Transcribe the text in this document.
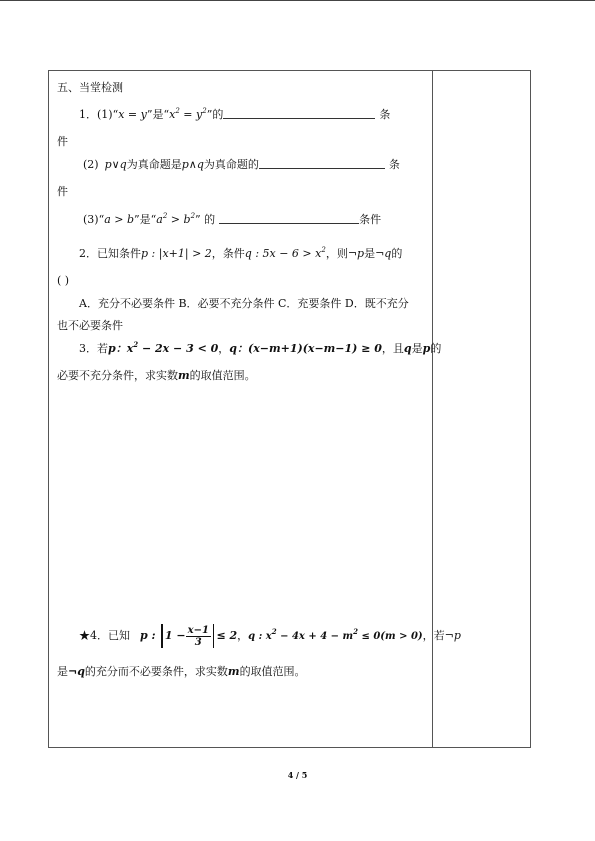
五、当堂检测
1．(1)“x = y”是“$x^2 = y^2$”的	条
件
(2) p∨q为真命题是p∧q为真命题的	条
件
(3)“a > b”是“$a^2 > b^2$” 的	条件
2．已知条件p : |x+1| > 2，条件q : $5x - 6 > x^2$，则¬p是¬q的
( )
A．充分不必要条件 B．必要不充分条件 C．充要条件 D．既不充分
也不必要条件
3．若p：$x^2 - 2x - 3 < 0$，q：(x−m+1)(x−m−1) ≥ 0，且q是p的
必要不充分条件，求实数m的取值范围。
★4．已知 p : $1 - \frac{x-1}{3} \le 2$，q : $x^2 - 4x + 4 - m^2 \le 0(m > 0)$，若¬p
是¬q的充分而不必要条件，求实数m的取值范围。
4 / 5
